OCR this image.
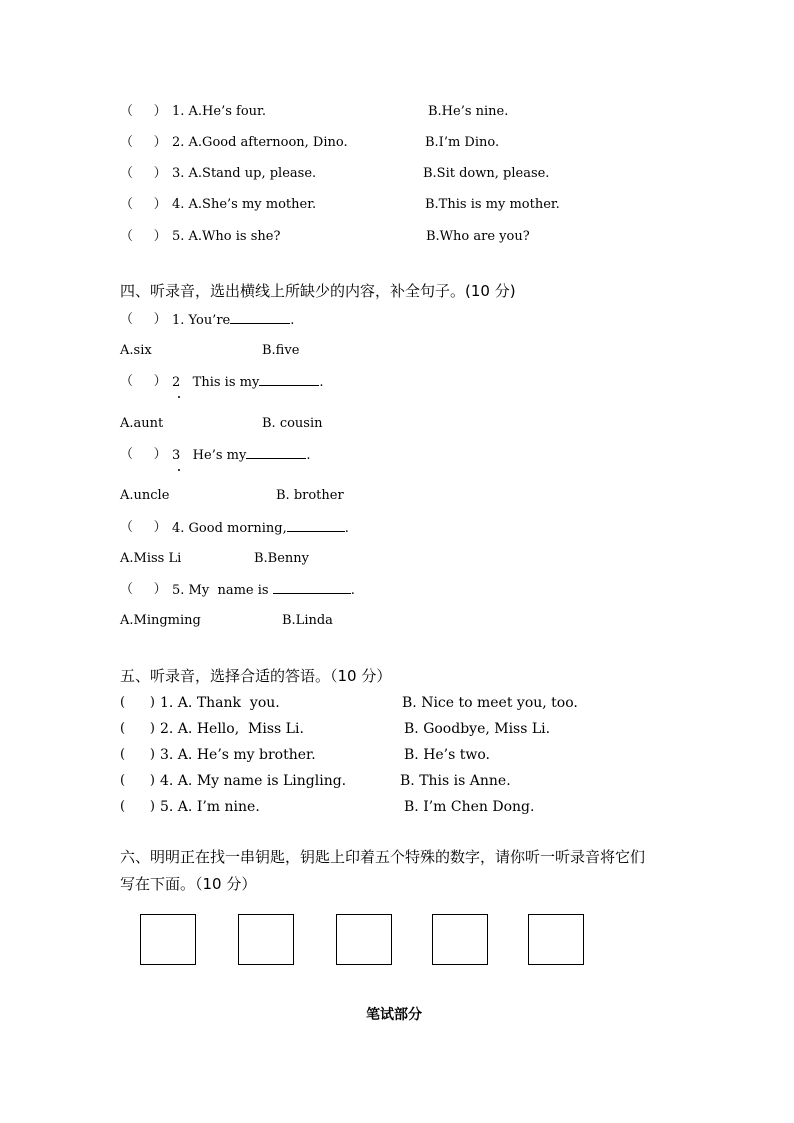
（     ） 1. A.He’s four.	B.He’s nine.
（     ） 2. A.Good afternoon, Dino.	B.I’m Dino.
（     ） 3. A.Stand up, please.	B.Sit down, please.
（     ） 4. A.She’s my mother.	B.This is my mother.
（     ） 5. A.Who is she?	B.Who are you?
四、听录音，选出横线上所缺少的内容，补全句子。(10 分)
（     ） 1. You’re	.
A.six	B.five
（     ） 2   This is my	.
A.aunt	B. cousin
（     ） 3   He’s my	.
A.uncle	B. brother
（     ） 4. Good morning,	.
A.Miss Li	B.Benny
（     ） 5. My  name is	.
A.Mingming	B.Linda
五、听录音，选择合适的答语。（10 分）
(      ) 1. A. Thank  you.	B. Nice to meet you, too.
(      ) 2. A. Hello,  Miss Li.	B. Goodbye, Miss Li.
(      ) 3. A. He’s my brother.	B. He’s two.
(      ) 4. A. My name is Lingling.	B. This is Anne.
(      ) 5. A. I’m nine.	B. I’m Chen Dong.
六、明明正在找一串钥匙，钥匙上印着五个特殊的数字，请你听一听录音将它们
写在下面。（10 分）
笔试部分
